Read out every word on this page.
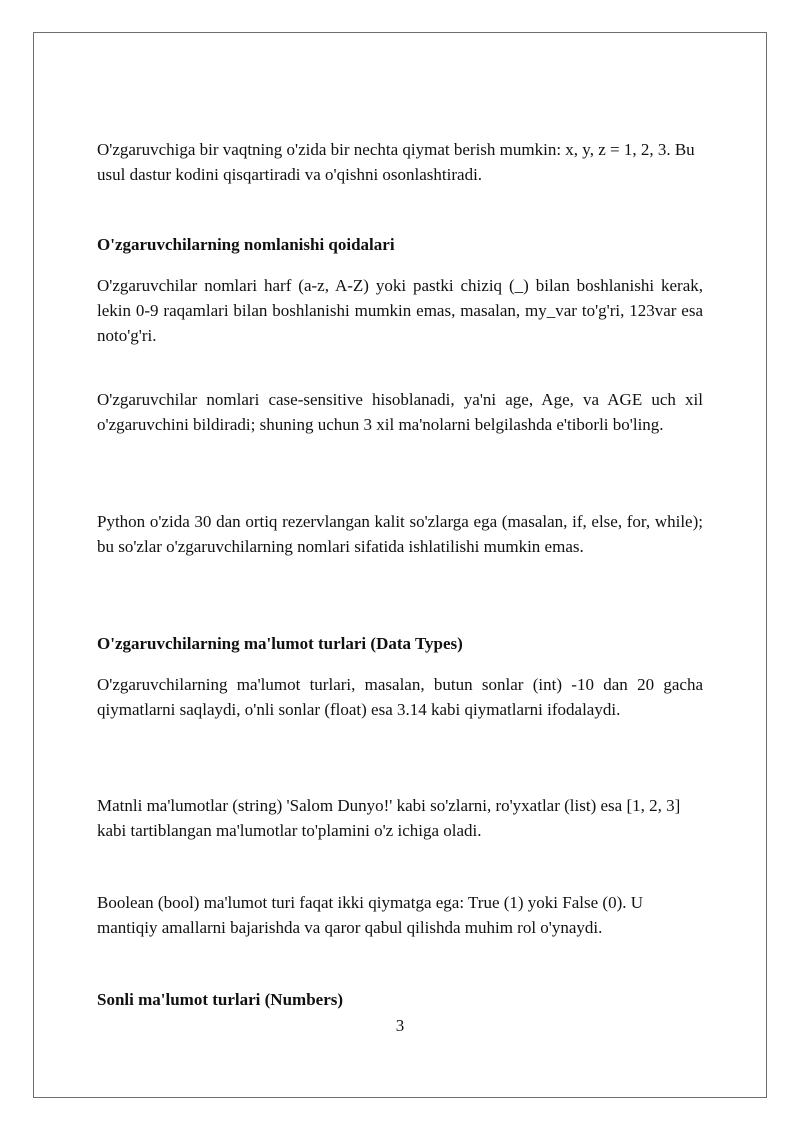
O'zgaruvchiga bir vaqtning o'zida bir nechta qiymat berish mumkin: x, y, z = 1, 2, 3. Bu usul dastur kodini qisqartiradi va o'qishni osonlashtiradi.

O'zgaruvchilarning nomlanishi qoidalari

O'zgaruvchilar nomlari harf (a-z, A-Z) yoki pastki chiziq (_) bilan boshlanishi kerak, lekin 0-9 raqamlari bilan boshlanishi mumkin emas, masalan, my_var to'g'ri, 123var esa noto'g'ri.

O'zgaruvchilar nomlari case-sensitive hisoblanadi, ya'ni age, Age, va AGE uch xil o'zgaruvchini bildiradi; shuning uchun 3 xil ma'nolarni belgilashda e'tiborli bo'ling.

Python o'zida 30 dan ortiq rezervlangan kalit so'zlarga ega (masalan, if, else, for, while); bu so'zlar o'zgaruvchilarning nomlari sifatida ishlatilishi mumkin emas.

O'zgaruvchilarning ma'lumot turlari (Data Types)

O'zgaruvchilarning ma'lumot turlari, masalan, butun sonlar (int) -10 dan 20 gacha qiymatlarni saqlaydi, o'nli sonlar (float) esa 3.14 kabi qiymatlarni ifodalaydi.

Matnli ma'lumotlar (string) 'Salom Dunyo!' kabi so'zlarni, ro'yxatlar (list) esa [1, 2, 3] kabi tartiblangan ma'lumotlar to'plamini o'z ichiga oladi.

Boolean (bool) ma'lumot turi faqat ikki qiymatga ega: True (1) yoki False (0). U mantiqiy amallarni bajarishda va qaror qabul qilishda muhim rol o'ynaydi.

Sonli ma'lumot turlari (Numbers)
3
